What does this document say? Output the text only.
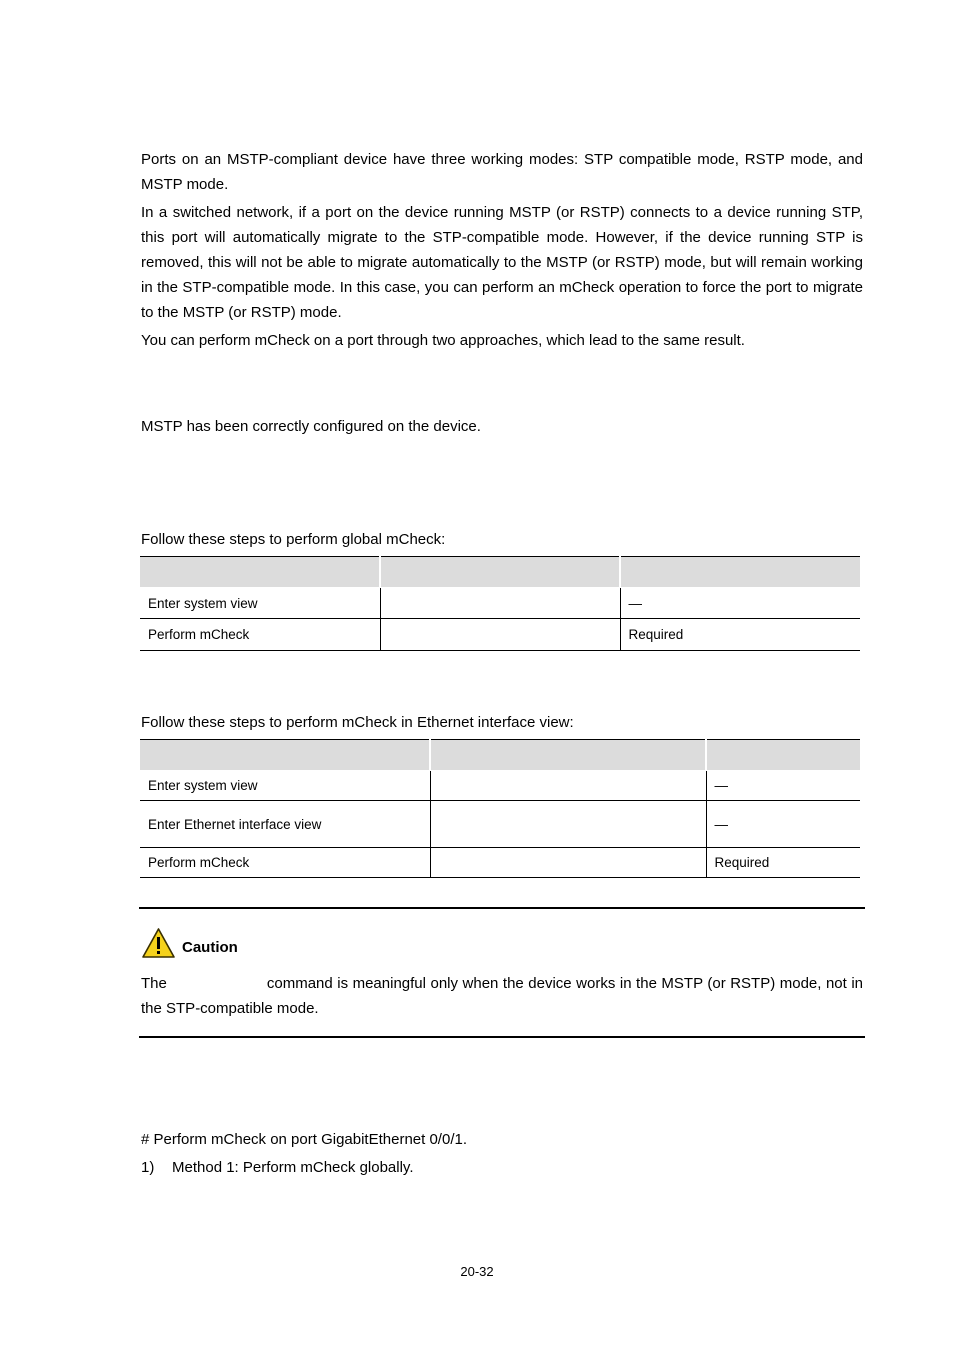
Ports on an MSTP-compliant device have three working modes: STP compatible mode, RSTP mode, and MSTP mode.

In a switched network, if a port on the device running MSTP (or RSTP) connects to a device running STP, this port will automatically migrate to the STP-compatible mode. However, if the device running STP is removed, this will not be able to migrate automatically to the MSTP (or RSTP) mode, but will remain working in the STP-compatible mode. In this case, you can perform an mCheck operation to force the port to migrate to the MSTP (or RSTP) mode.

You can perform mCheck on a port through two approaches, which lead to the same result.

MSTP has been correctly configured on the device.

Follow these steps to perform global mCheck:

Enter system view		—
Perform mCheck		Required

Follow these steps to perform mCheck in Ethernet interface view:

Enter system view		—
Enter Ethernet interface view		—
Perform mCheck		Required
Caution
The	command is meaningful only when the device works in the MSTP (or RSTP) mode, not in the STP-compatible mode.

# Perform mCheck on port GigabitEthernet 0/0/1.

1) Method 1: Perform mCheck globally.
20-32
